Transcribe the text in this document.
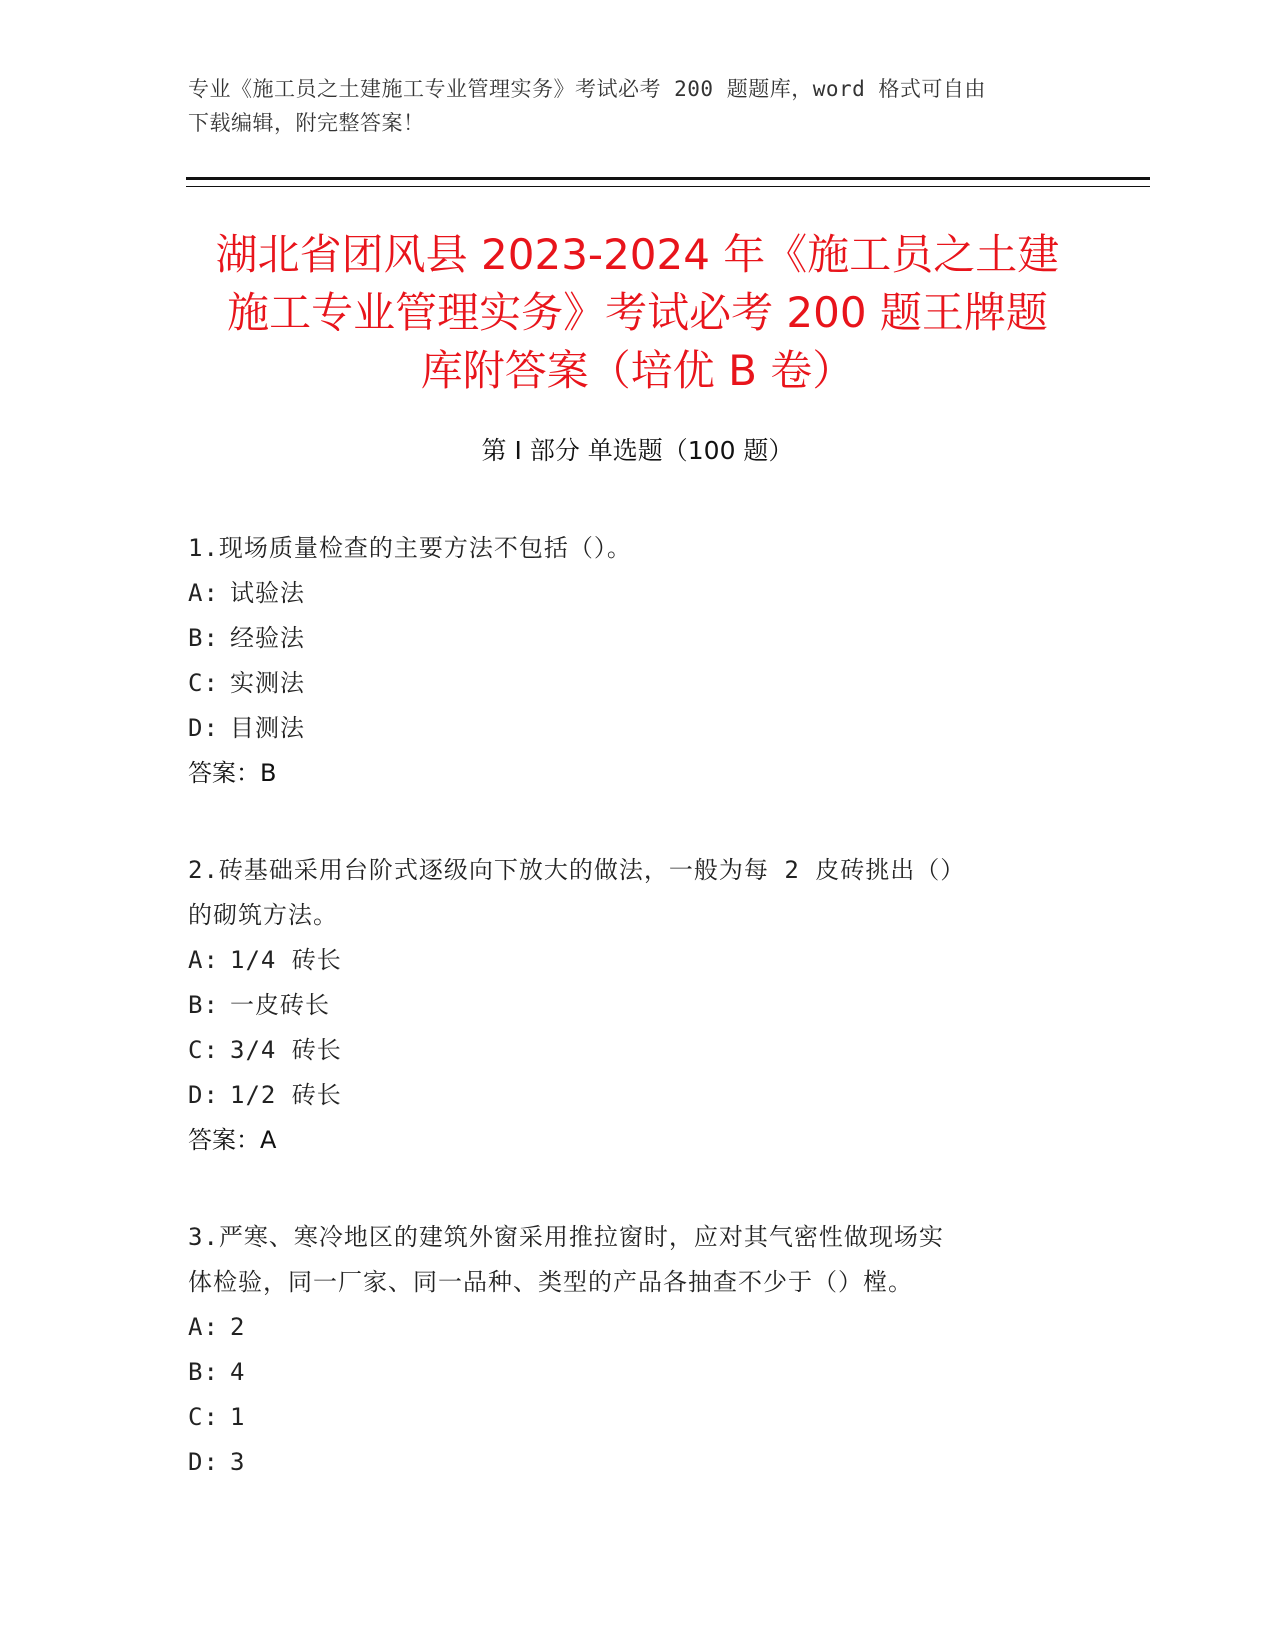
专业《施工员之土建施工专业管理实务》考试必考 200 题题库，word 格式可自由
下载编辑，附完整答案！
湖北省团风县 2023-2024 年《施工员之土建
施工专业管理实务》考试必考 200 题王牌题
库附答案（培优 B 卷）
第 I 部分 单选题（100 题）
1.现场质量检查的主要方法不包括（）。
A: 试验法
B: 经验法
C: 实测法
D: 目测法
答案：B
2.砖基础采用台阶式逐级向下放大的做法，一般为每 2 皮砖挑出（）
的砌筑方法。
A: 1/4 砖长
B: 一皮砖长
C: 3/4 砖长
D: 1/2 砖长
答案：A
3.严寒、寒冷地区的建筑外窗采用推拉窗时，应对其气密性做现场实
体检验，同一厂家、同一品种、类型的产品各抽查不少于（）樘。
A: 2
B: 4
C: 1
D: 3
